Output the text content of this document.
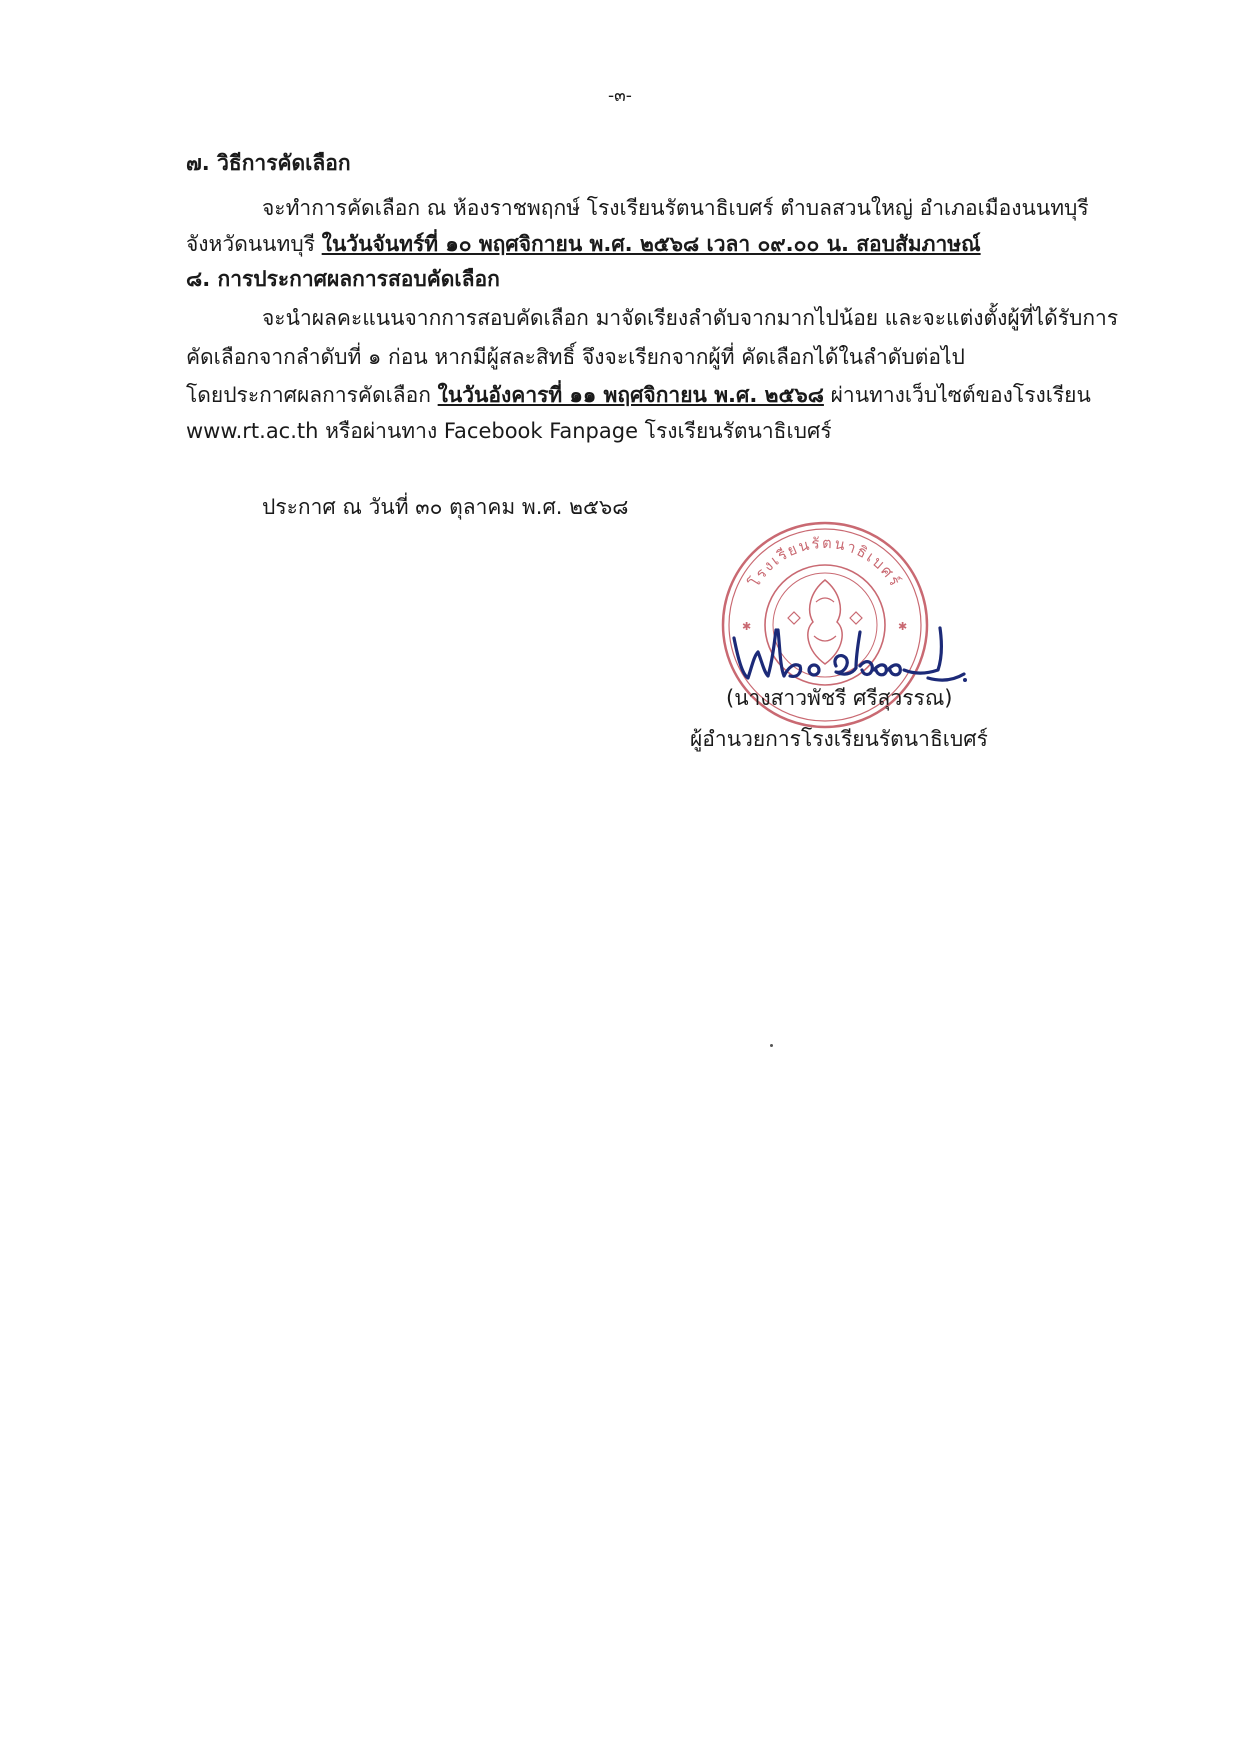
-๓-
๗. วิธีการคัดเลือก
จะทำการคัดเลือก ณ ห้องราชพฤกษ์ โรงเรียนรัตนาธิเบศร์ ตำบลสวนใหญ่ อำเภอเมืองนนทบุรี
จังหวัดนนทบุรี ในวันจันทร์ที่ ๑๐ พฤศจิกายน พ.ศ. ๒๕๖๘ เวลา ๐๙.๐๐ น. สอบสัมภาษณ์
๘. การประกาศผลการสอบคัดเลือก
จะนำผลคะแนนจากการสอบคัดเลือก มาจัดเรียงลำดับจากมากไปน้อย และจะแต่งตั้งผู้ที่ได้รับการ
คัดเลือกจากลำดับที่ ๑ ก่อน หากมีผู้สละสิทธิ์ จึงจะเรียกจากผู้ที่ คัดเลือกได้ในลำดับต่อไป
โดยประกาศผลการคัดเลือก ในวันอังคารที่ ๑๑ พฤศจิกายน พ.ศ. ๒๕๖๘ ผ่านทางเว็บไซต์ของโรงเรียน
www.rt.ac.th หรือผ่านทาง Facebook Fanpage โรงเรียนรัตนาธิเบศร์
ประกาศ ณ วันที่ ๓๐ ตุลาคม พ.ศ. ๒๕๖๘
✱	✱
โรงเรียนรัตนาธิเบศร์
(นางสาวพัชรี ศรีสุวรรณ)
ผู้อำนวยการโรงเรียนรัตนาธิเบศร์
